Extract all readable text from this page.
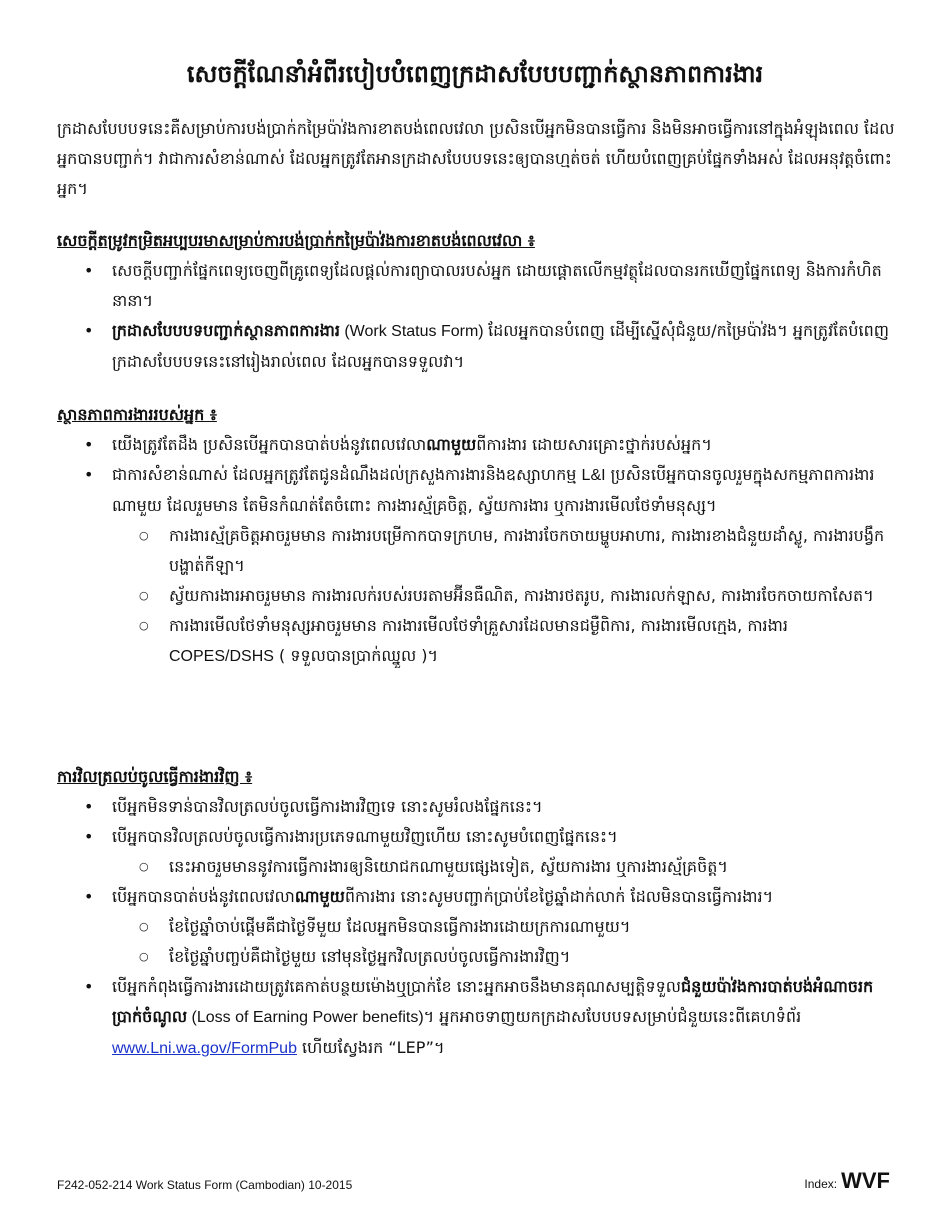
សេចក្ដីណែនាំអំពីរបៀបបំពេញក្រដាសបែបបញ្ជាក់ស្ថានភាពការងារ

ក្រដាសបែបបទនេះគឺសម្រាប់ការបង់ប្រាក់កម្រៃប៉ាវ់ងការខាតបង់ពេលវេលា ប្រសិនបើអ្នកមិនបានធ្វើការ និងមិនអាចធ្វើការនៅក្នុងអំឡុងពេល ដែលអ្នកបានបញ្ជាក់។ វាជាការសំខាន់ណាស់ ដែលអ្នកត្រូវតែអានក្រដាសបែបបទនេះឲ្យបានហ្មត់ចត់ ហើយបំពេញគ្រប់ផ្នែកទាំងអស់ ដែលអនុវត្តចំពោះអ្នក។

សេចក្ដីតម្រូវកម្រិតអប្បបរមាសម្រាប់ការបង់ប្រាក់កម្រៃប៉ាវ់ងការខាតបង់ពេលវេលា ៖

• សេចក្ដីបញ្ជាក់ផ្នែកពេទ្យចេញពីគ្រូពេទ្យដែលផ្ដល់ការព្យាបាលរបស់អ្នក ដោយផ្ដោតលើកម្មវត្ថុដែលបានរកឃើញផ្នែកពេទ្យ និងការកំហិតនានា។
• ក្រដាសបែបបទបញ្ជាក់ស្ថានភាពការងារ (Work Status Form) ដែលអ្នកបានបំពេញ ដើម្បីស្នើសុំជំនួយ/កម្រៃប៉ាវ់ង។ អ្នកត្រូវតែបំពេញក្រដាសបែបបទនេះនៅរៀងរាល់ពេល ដែលអ្នកបានទទួលវា។

ស្ថានភាពការងាររបស់អ្នក ៖

• យើងត្រូវតែដឹង ប្រសិនបើអ្នកបានបាត់បង់នូវពេលវេលាណាមួយពីការងារ ដោយសារគ្រោះថ្នាក់របស់អ្នក។
• ជាការសំខាន់ណាស់ ដែលអ្នកត្រូវតែជូនដំណឹងដល់ក្រសួងការងារនិងឧស្សាហកម្ម L&I ប្រសិនបើអ្នកបានចូលរួមក្នុងសកម្មភាពការងារណាមួយ ដែលរួមមាន តែមិនកំណត់តែចំពោះ ការងារស្ម័គ្រចិត្ត, ស្វ័យការងារ ឬការងារមើលថែទាំមនុស្ស។
○ ការងារស្ម័គ្រចិត្តអាចរួមមាន ការងារបម្រើកាកបាទក្រហម, ការងារចែកចាយម្ហូបអាហារ, ការងារខាងជំនួយដាំស្លូ, ការងារបង្វឹកបង្ហាត់កីឡា។
○ ស្វ័យការងារអាចរួមមាន ការងារលក់របស់របរតាមអ៊ីនធឺណិត, ការងារថតរូប, ការងារលក់ឡាស, ការងារចែកចាយកាសែត។
○ ការងារមើលថែទាំមនុស្សអាចរួមមាន ការងារមើលថែទាំគ្រួសារដែលមានជម្ងឺពិការ, ការងារមើលក្មេង, ការងារ COPES/DSHS ( ទទួលបានប្រាក់ឈ្នួល )។

ការវិលត្រលប់ចូលធ្វើការងារវិញ ៖

• បើអ្នកមិនទាន់បានវិលត្រលប់ចូលធ្វើការងារវិញទេ នោះសូមរំលងផ្នែកនេះ។
• បើអ្នកបានវិលត្រលប់ចូលធ្វើការងារប្រភេទណាមួយវិញហើយ នោះសូមបំពេញផ្នែកនេះ។
○ នេះអាចរួមមាននូវការធ្វើការងារឲ្យនិយោជកណាមួយផ្សេងទៀត, ស្វ័យការងារ ឬការងារស្ម័គ្រចិត្ត។
• បើអ្នកបានបាត់បង់នូវពេលវេលាណាមួយពីការងារ នោះសូមបញ្ជាក់ប្រាប់ខែថ្ងៃឆ្នាំដាក់លាក់ ដែលមិនបានធ្វើការងារ។
○ ខែថ្ងៃឆ្នាំចាប់ផ្ដើមគឺជាថ្ងៃទីមួយ ដែលអ្នកមិនបានធ្វើការងារដោយក្រការណាមួយ។
○ ខែថ្ងៃឆ្នាំបញ្ចប់គឺជាថ្ងៃមួយ នៅមុនថ្ងៃអ្នកវិលត្រលប់ចូលធ្វើការងារវិញ។
• បើអ្នកកំពុងធ្វើការងារដោយត្រូវគេកាត់បន្ថយម៉ោងឬប្រាក់ខែ នោះអ្នកអាចនឹងមានគុណសម្បត្តិទទួលជំនួយប៉ាវ់ងការបាត់បង់អំណាចរកប្រាក់ចំណូល (Loss of Earning Power benefits)។ អ្នកអាចទាញយកក្រដាសបែបបទសម្រាប់ជំនួយនេះពីគេហទំព័រ www.Lni.wa.gov/FormPub ហើយស្វែងរក “LEP”។
F242-052-214 Work Status Form (Cambodian) 10-2015	Index: WVF
